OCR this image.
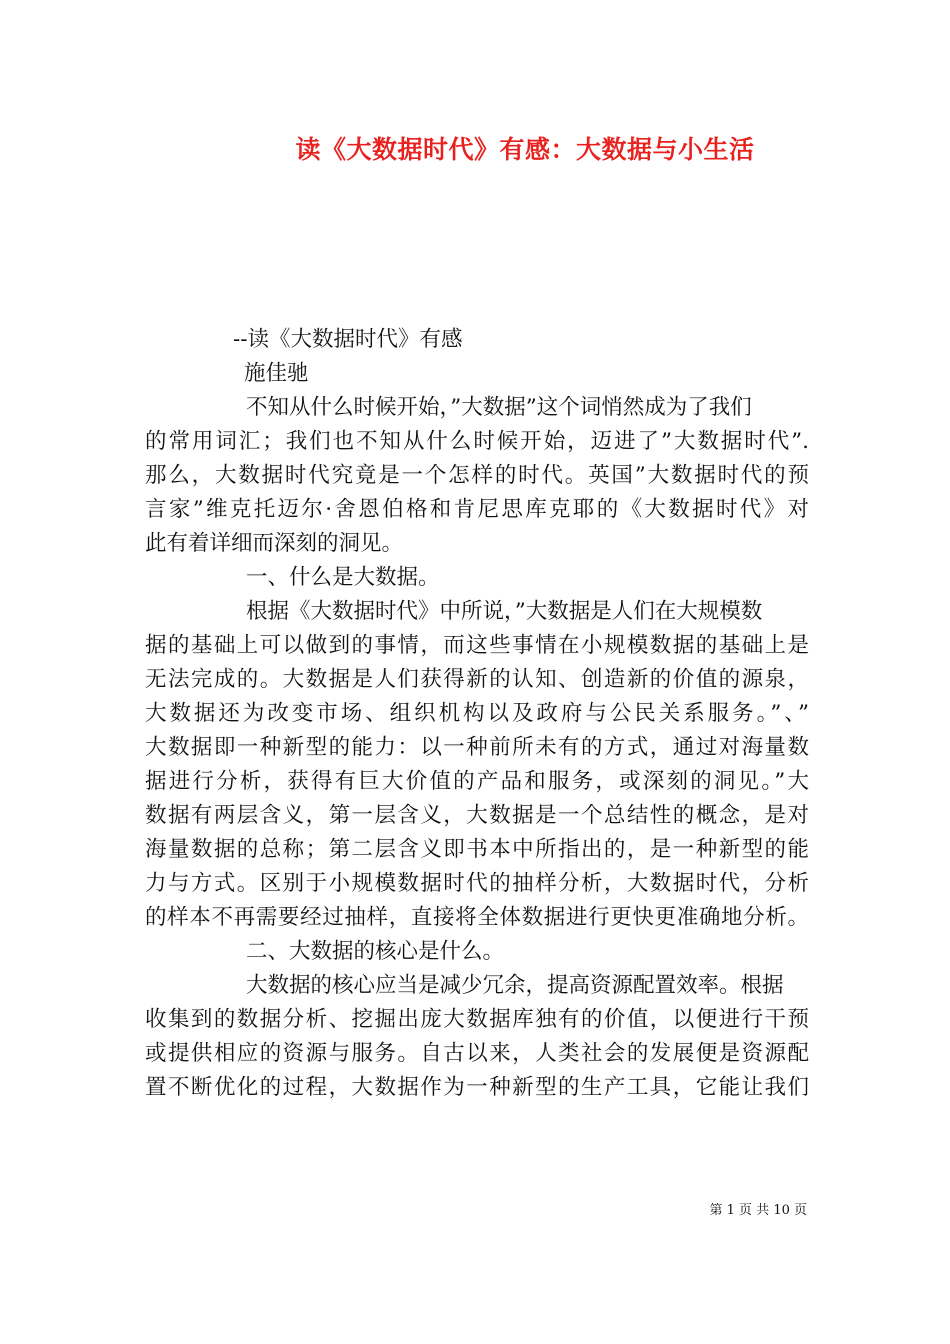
读《大数据时代》有感：大数据与小生活
--读《大数据时代》有感
施佳驰
不知从什么时候开始，”大数据”这个词悄然成为了我们
的常用词汇；我们也不知从什么时候开始，迈进了”大数据时代”.
那么，大数据时代究竟是一个怎样的时代。英国”大数据时代的预
言家”维克托迈尔·舍恩伯格和肯尼思库克耶的《大数据时代》对
此有着详细而深刻的洞见。
一、什么是大数据。
根据《大数据时代》中所说，”大数据是人们在大规模数
据的基础上可以做到的事情，而这些事情在小规模数据的基础上是
无法完成的。大数据是人们获得新的认知、创造新的价值的源泉，
大数据还为改变市场、组织机构以及政府与公民关系服务。”、”
大数据即一种新型的能力：以一种前所未有的方式，通过对海量数
据进行分析，获得有巨大价值的产品和服务，或深刻的洞见。”大
数据有两层含义，第一层含义，大数据是一个总结性的概念，是对
海量数据的总称；第二层含义即书本中所指出的，是一种新型的能
力与方式。区别于小规模数据时代的抽样分析，大数据时代，分析
的样本不再需要经过抽样，直接将全体数据进行更快更准确地分析。
二、大数据的核心是什么。
大数据的核心应当是减少冗余，提高资源配置效率。根据
收集到的数据分析、挖掘出庞大数据库独有的价值，以便进行干预
或提供相应的资源与服务。自古以来，人类社会的发展便是资源配
置不断优化的过程，大数据作为一种新型的生产工具，它能让我们
第 1 页 共 10 页
